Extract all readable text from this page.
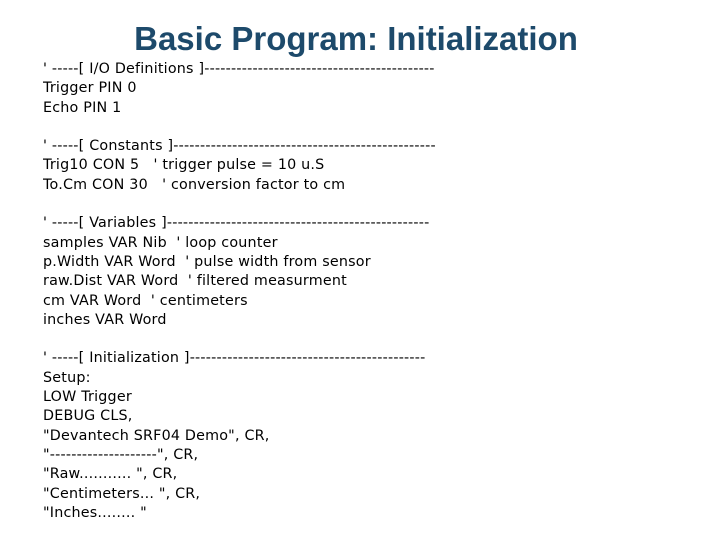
Basic Program: Initialization
' -----[ I/O Definitions ]-------------------------------------------
Trigger PIN 0
Echo PIN 1
' -----[ Constants ]-------------------------------------------------
Trig10 CON 5   ' trigger pulse = 10 u.S
To.Cm CON 30   ' conversion factor to cm
' -----[ Variables ]-------------------------------------------------
samples VAR Nib  ' loop counter
p.Width VAR Word  ' pulse width from sensor
raw.Dist VAR Word  ' filtered measurment
cm VAR Word  ' centimeters
inches VAR Word
' -----[ Initialization ]--------------------------------------------
Setup:
LOW Trigger
DEBUG CLS,
"Devantech SRF04 Demo", CR,
"--------------------", CR,
"Raw........... ", CR,
"Centimeters... ", CR,
"Inches........ "
